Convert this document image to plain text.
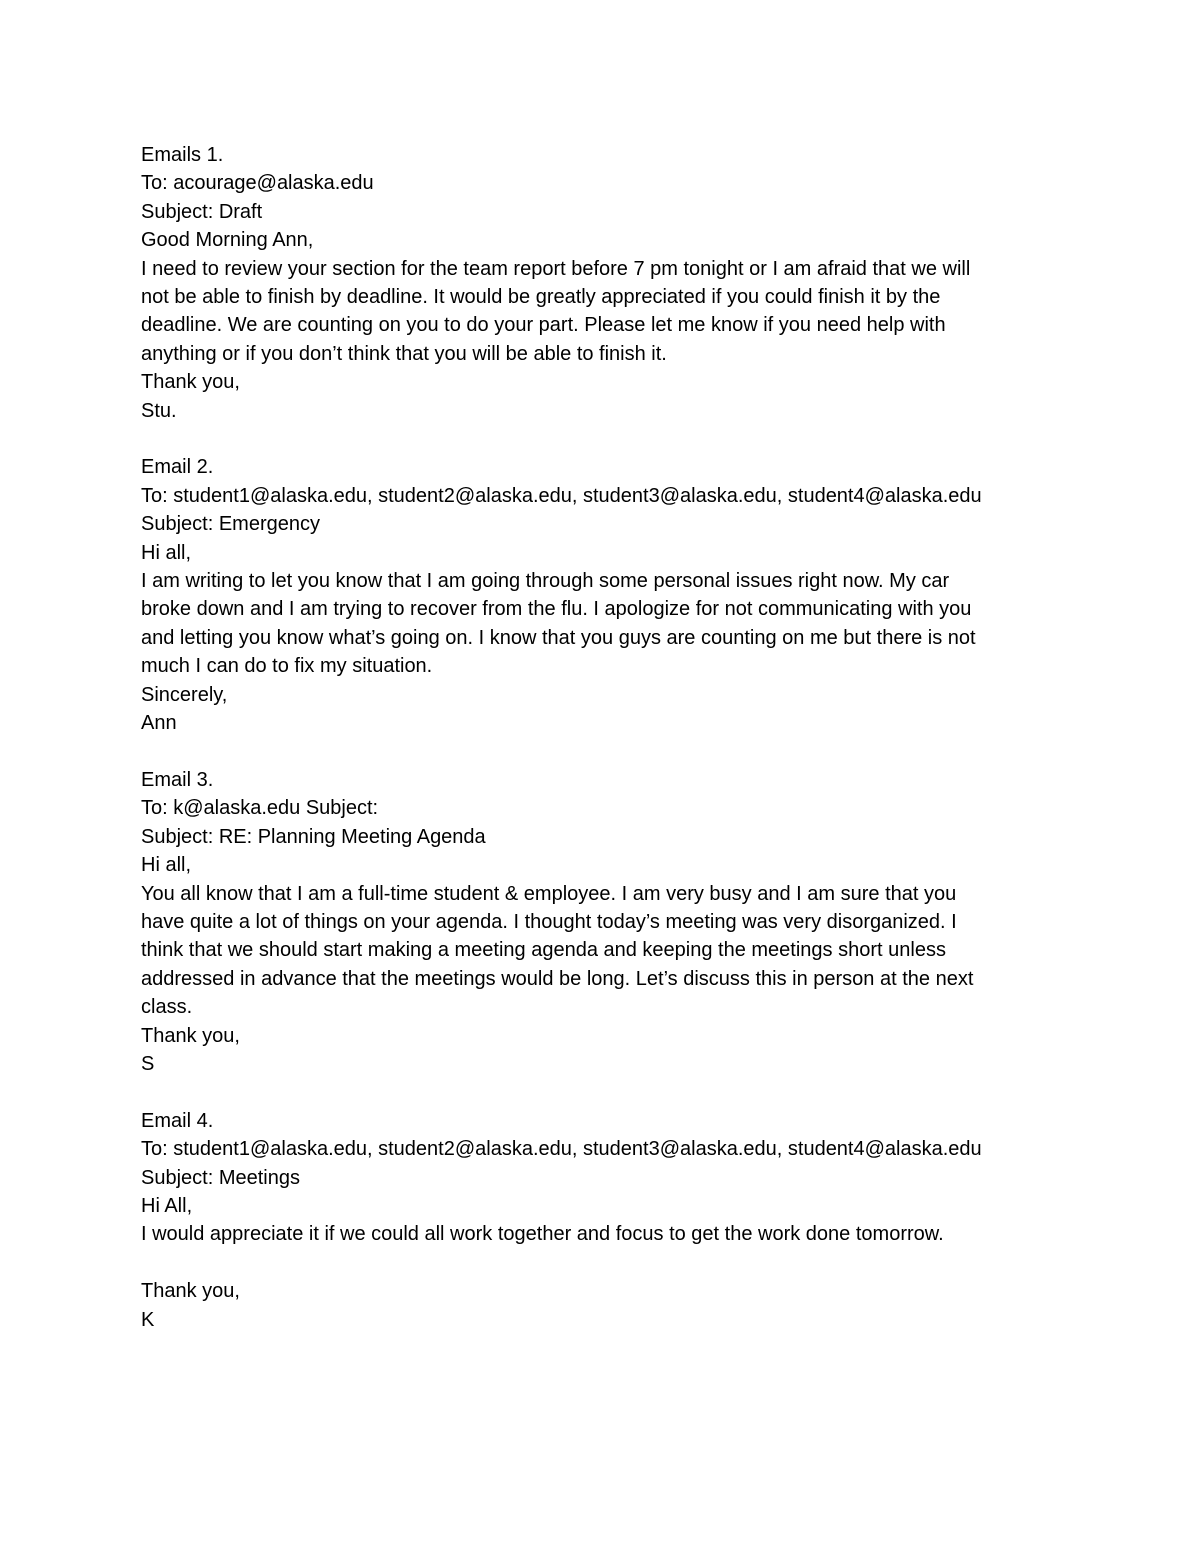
Emails 1.
To: acourage@alaska.edu
Subject: Draft
Good Morning Ann,
I need to review your section for the team report before 7 pm tonight or I am afraid that we will
not be able to finish by deadline. It would be greatly appreciated if you could finish it by the
deadline. We are counting on you to do your part. Please let me know if you need help with
anything or if you don’t think that you will be able to finish it.
Thank you,
Stu.
Email 2.
To: student1@alaska.edu, student2@alaska.edu, student3@alaska.edu, student4@alaska.edu
Subject: Emergency
Hi all,
I am writing to let you know that I am going through some personal issues right now. My car
broke down and I am trying to recover from the flu. I apologize for not communicating with you
and letting you know what’s going on. I know that you guys are counting on me but there is not
much I can do to fix my situation.
Sincerely,
Ann
Email 3.
To: k@alaska.edu Subject:
Subject: RE: Planning Meeting Agenda
Hi all,
You all know that I am a full-time student & employee. I am very busy and I am sure that you
have quite a lot of things on your agenda. I thought today’s meeting was very disorganized. I
think that we should start making a meeting agenda and keeping the meetings short unless
addressed in advance that the meetings would be long. Let’s discuss this in person at the next
class.
Thank you,
S
Email 4.
To: student1@alaska.edu, student2@alaska.edu, student3@alaska.edu, student4@alaska.edu
Subject: Meetings
Hi All,
I would appreciate it if we could all work together and focus to get the work done tomorrow.
Thank you,
K
